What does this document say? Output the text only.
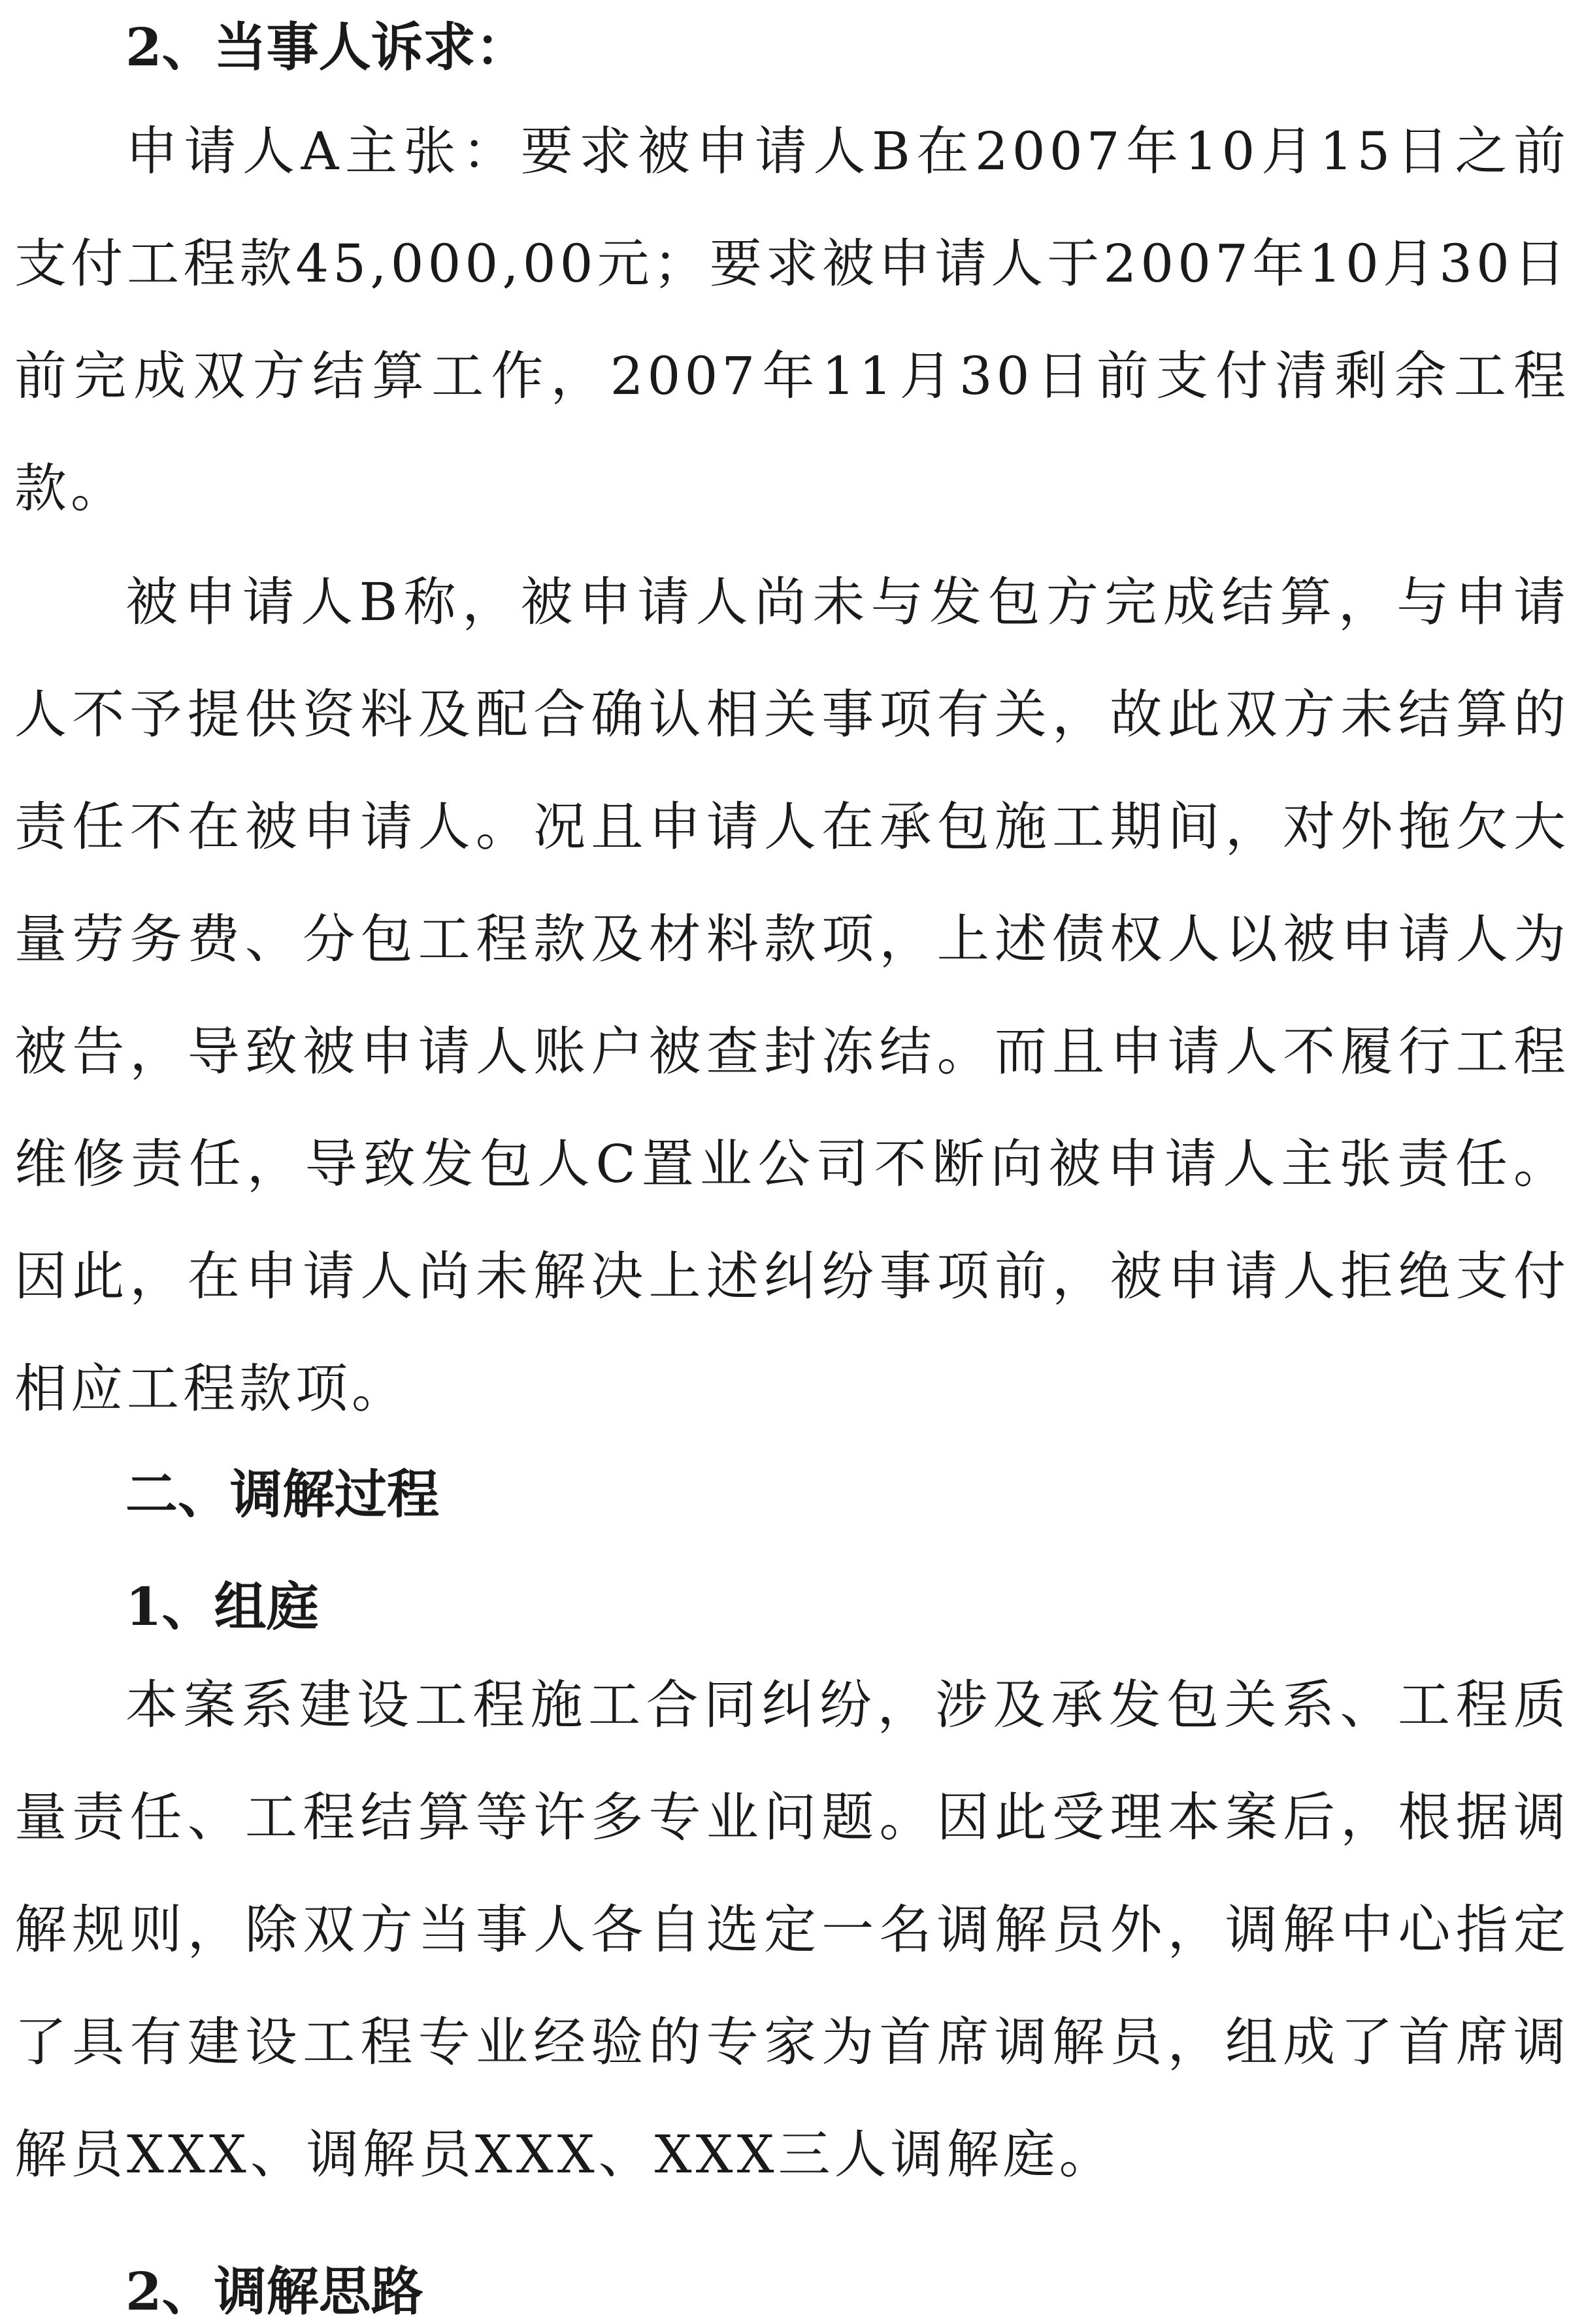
2、当事人诉求：

申请人A主张：要求被申请人B在2007年10月15日之前支付工程款45,000,00元；要求被申请人于2007年10月30日前完成双方结算工作，2007年11月30日前支付清剩余工程款。

被申请人B称，被申请人尚未与发包方完成结算，与申请人不予提供资料及配合确认相关事项有关，故此双方未结算的责任不在被申请人。况且申请人在承包施工期间，对外拖欠大量劳务费、分包工程款及材料款项，上述债权人以被申请人为被告，导致被申请人账户被查封冻结。而且申请人不履行工程维修责任，导致发包人C置业公司不断向被申请人主张责任。因此，在申请人尚未解决上述纠纷事项前，被申请人拒绝支付相应工程款项。

二、调解过程
1、组庭

本案系建设工程施工合同纠纷，涉及承发包关系、工程质量责任、工程结算等许多专业问题。因此受理本案后，根据调解规则，除双方当事人各自选定一名调解员外，调解中心指定了具有建设工程专业经验的专家为首席调解员，组成了首席调解员XXX、调解员XXX、XXX三人调解庭。

2、调解思路
